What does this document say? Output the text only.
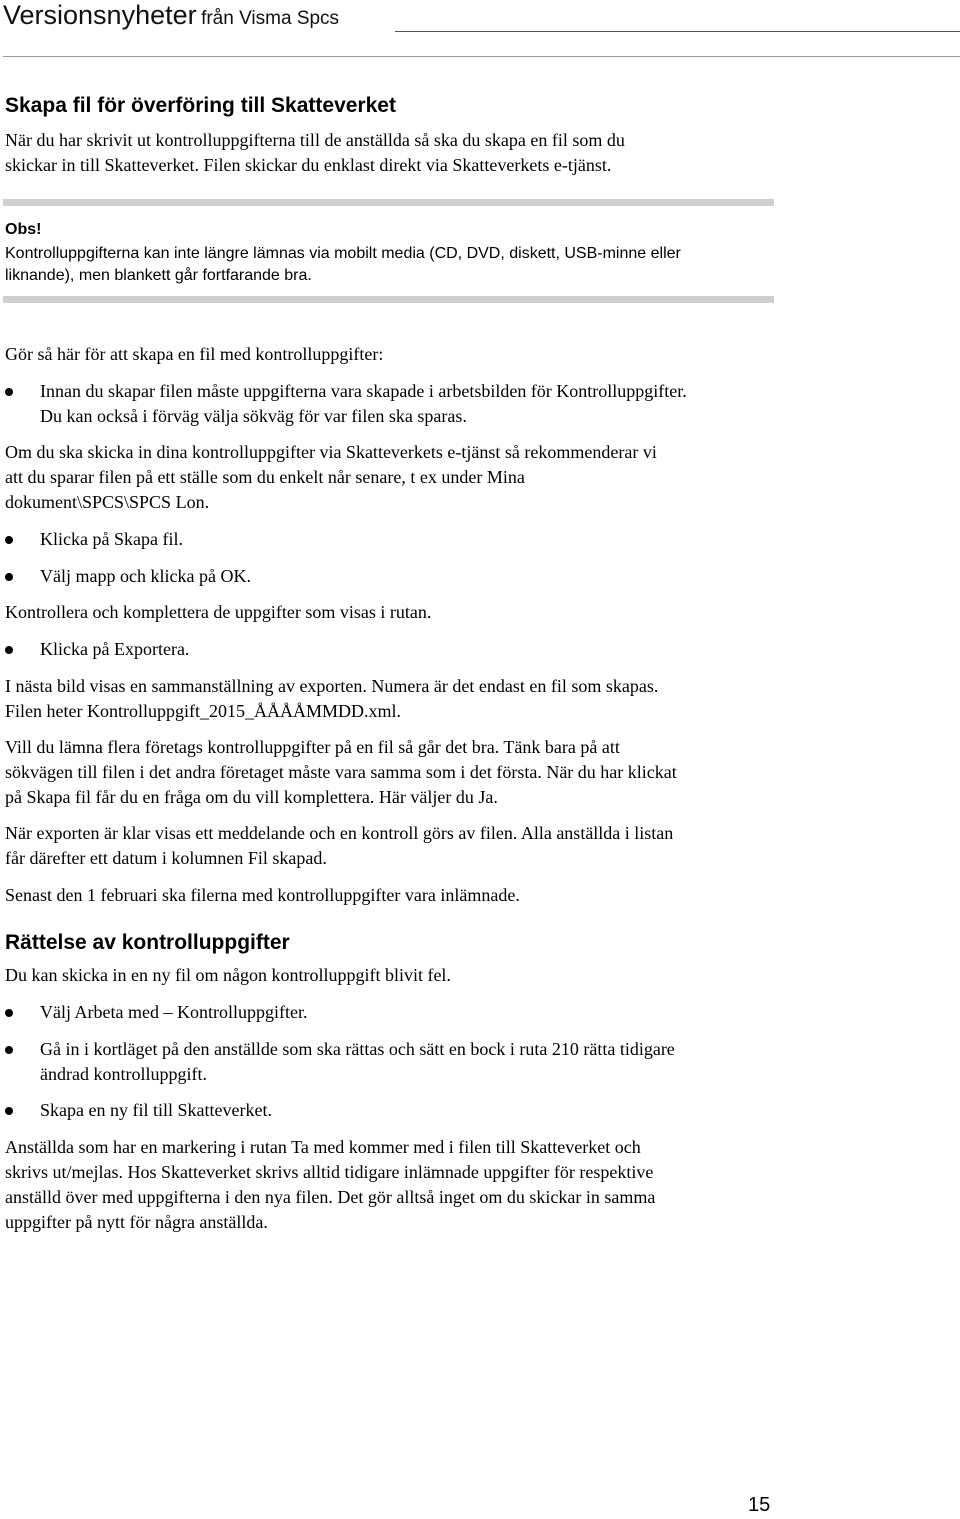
Versionsnyheter från Visma Spcs
Skapa fil för överföring till Skatteverket
När du har skrivit ut kontrolluppgifterna till de anställda så ska du skapa en fil som du
skickar in till Skatteverket. Filen skickar du enklast direkt via Skatteverkets e-tjänst.
Obs!
Kontrolluppgifterna kan inte längre lämnas via mobilt media (CD, DVD, diskett, USB-minne eller
liknande), men blankett går fortfarande bra.
Gör så här för att skapa en fil med kontrolluppgifter:
Innan du skapar filen måste uppgifterna vara skapade i arbetsbilden för Kontrolluppgifter.
Du kan också i förväg välja sökväg för var filen ska sparas.
Om du ska skicka in dina kontrolluppgifter via Skatteverkets e-tjänst så rekommenderar vi
att du sparar filen på ett ställe som du enkelt når senare, t ex under Mina
dokument\SPCS\SPCS Lon.
Klicka på Skapa fil.
Välj mapp och klicka på OK.
Kontrollera och komplettera de uppgifter som visas i rutan.
Klicka på Exportera.
I nästa bild visas en sammanställning av exporten. Numera är det endast en fil som skapas.
Filen heter Kontrolluppgift_2015_ÅÅÅÅMMDD.xml.
Vill du lämna flera företags kontrolluppgifter på en fil så går det bra. Tänk bara på att
sökvägen till filen i det andra företaget måste vara samma som i det första. När du har klickat
på Skapa fil får du en fråga om du vill komplettera. Här väljer du Ja.
När exporten är klar visas ett meddelande och en kontroll görs av filen. Alla anställda i listan
får därefter ett datum i kolumnen Fil skapad.
Senast den 1 februari ska filerna med kontrolluppgifter vara inlämnade.
Rättelse av kontrolluppgifter
Du kan skicka in en ny fil om någon kontrolluppgift blivit fel.
Välj Arbeta med – Kontrolluppgifter.
Gå in i kortläget på den anställde som ska rättas och sätt en bock i ruta 210 rätta tidigare
ändrad kontrolluppgift.
Skapa en ny fil till Skatteverket.
Anställda som har en markering i rutan Ta med kommer med i filen till Skatteverket och
skrivs ut/mejlas. Hos Skatteverket skrivs alltid tidigare inlämnade uppgifter för respektive
anställd över med uppgifterna i den nya filen. Det gör alltså inget om du skickar in samma
uppgifter på nytt för några anställda.
15
